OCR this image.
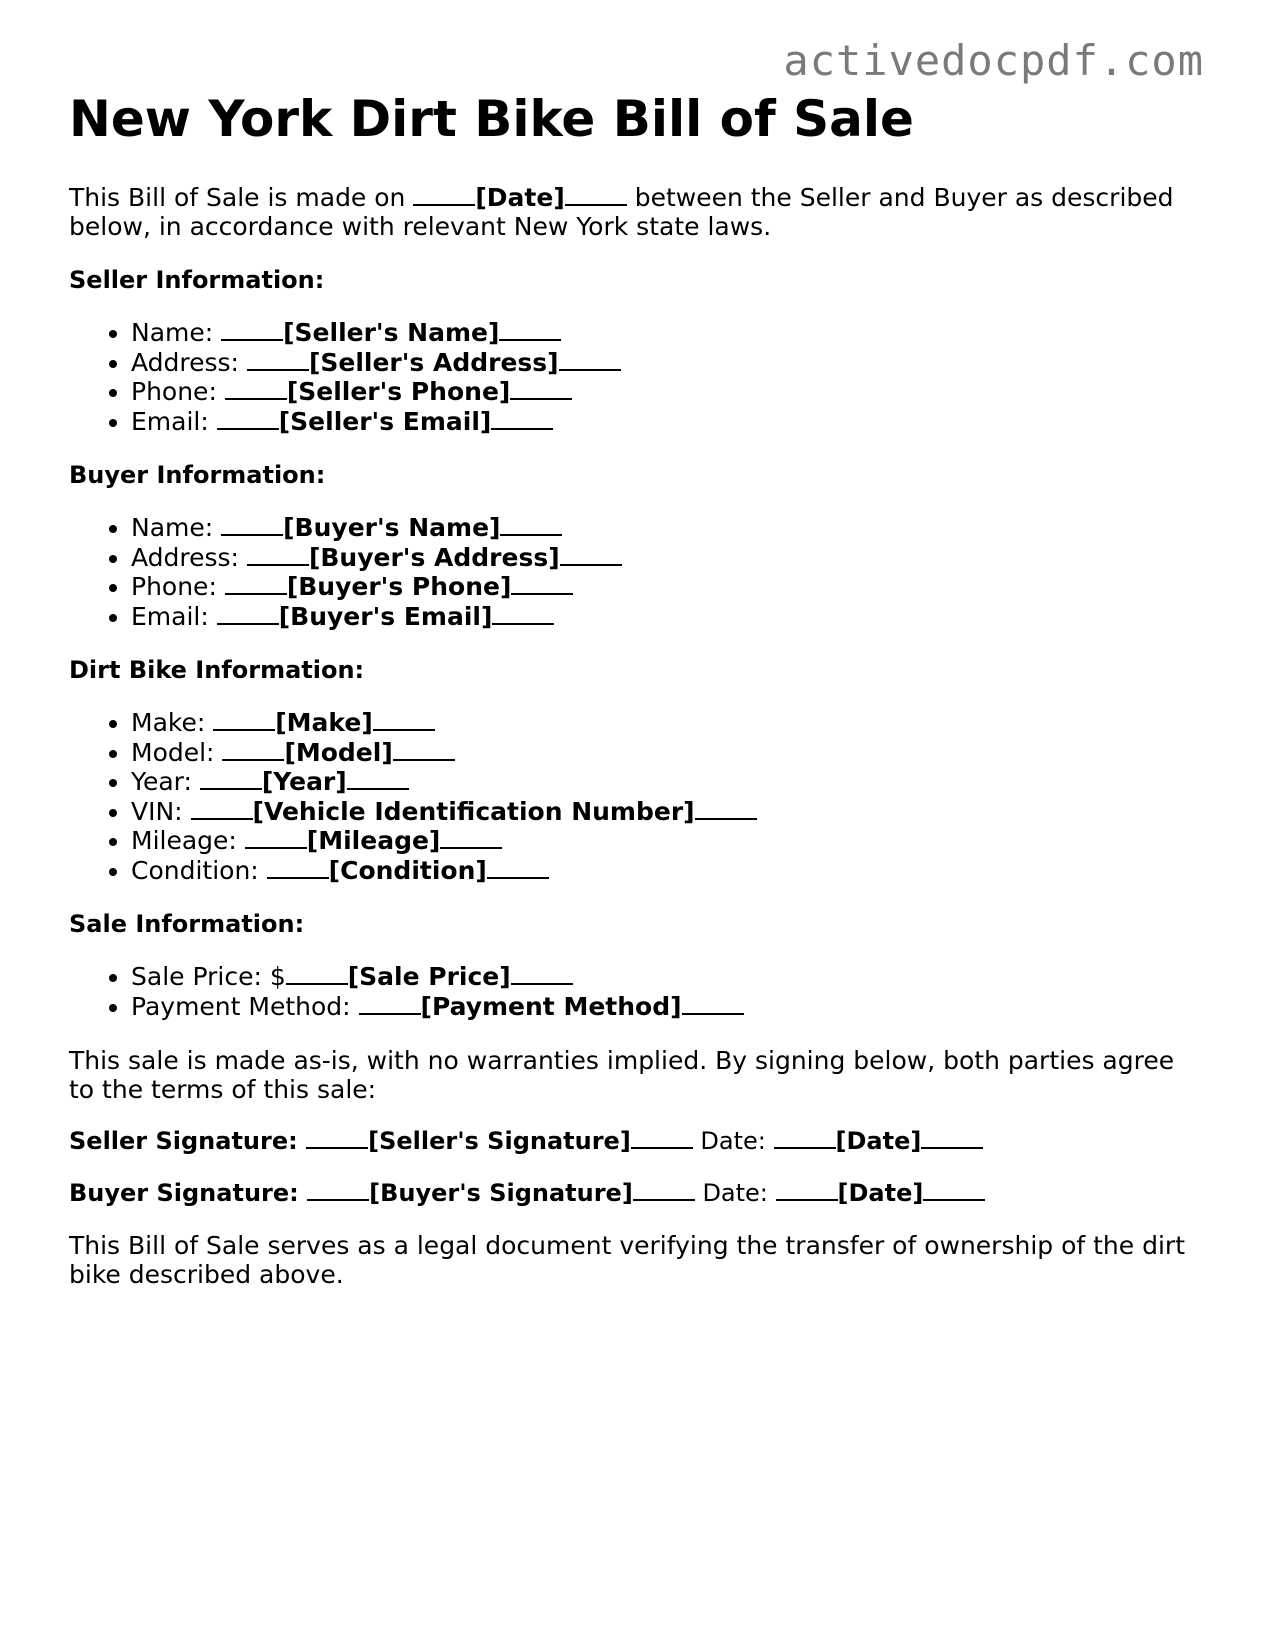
activedocpdf.com
New York Dirt Bike Bill of Sale

This Bill of Sale is made on [Date] between the Seller and Buyer as described below, in accordance with relevant New York state laws.

Seller Information:
• Name: [Seller's Name]
• Address: [Seller's Address]
• Phone: [Seller's Phone]
• Email: [Seller's Email]
Buyer Information:
• Name: [Buyer's Name]
• Address: [Buyer's Address]
• Phone: [Buyer's Phone]
• Email: [Buyer's Email]
Dirt Bike Information:
• Make: [Make]
• Model: [Model]
• Year: [Year]
• VIN: [Vehicle Identification Number]
• Mileage: [Mileage]
• Condition: [Condition]
Sale Information:
• Sale Price: $ [Sale Price]
• Payment Method: [Payment Method]

This sale is made as-is, with no warranties implied. By signing below, both parties agree to the terms of this sale:

Seller Signature:	[Seller's Signature]	Date:	[Date]
Buyer Signature:	[Buyer's Signature]	Date:	[Date]

This Bill of Sale serves as a legal document verifying the transfer of ownership of the dirt bike described above.
